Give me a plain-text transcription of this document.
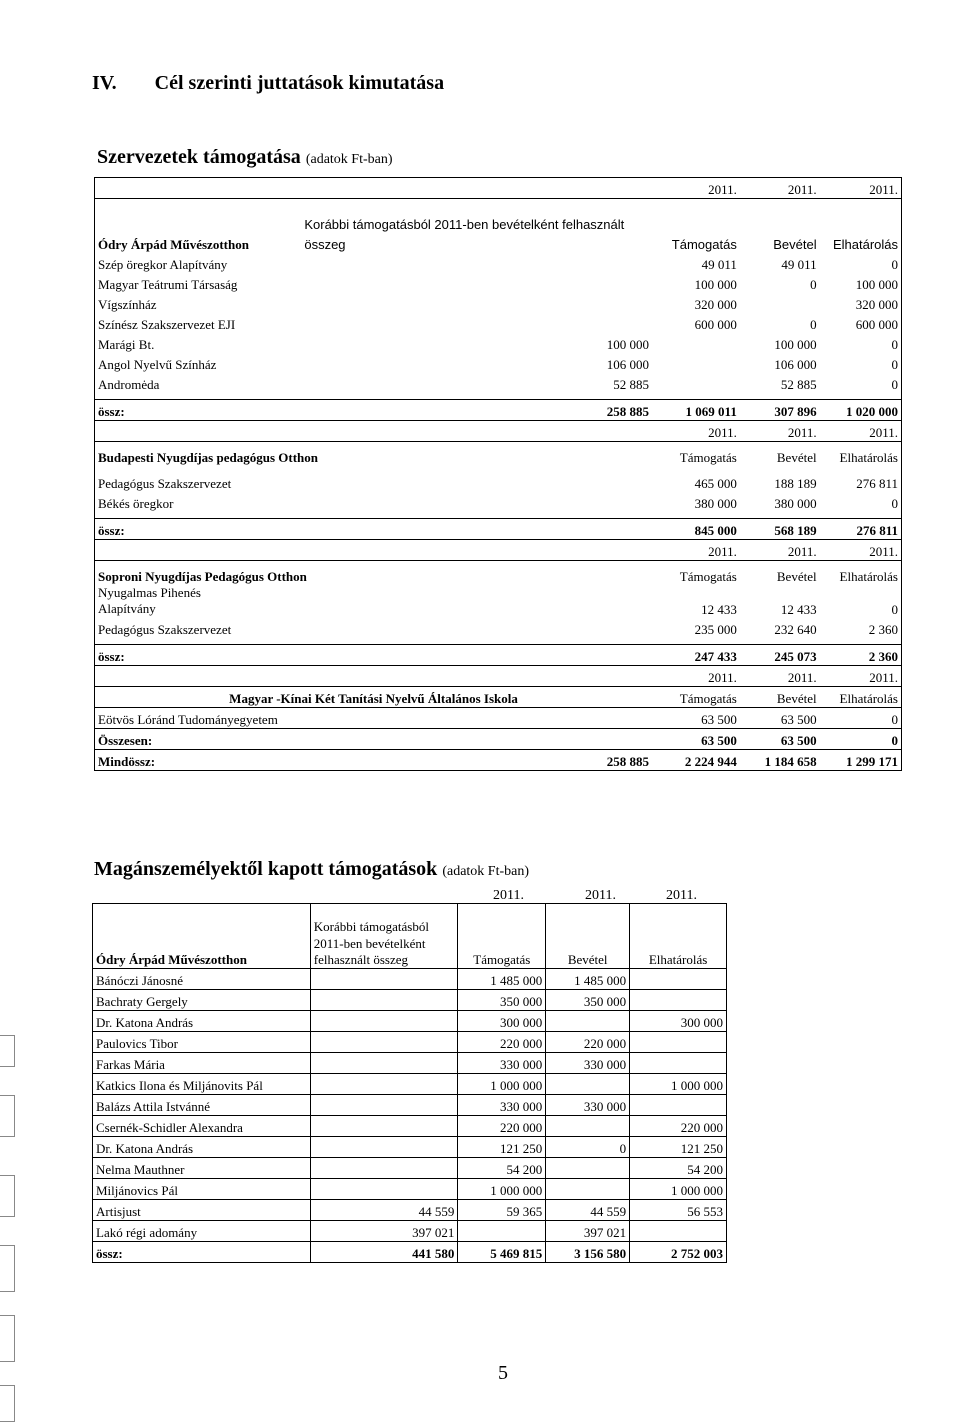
IV. Cél szerinti juttatások kimutatása
Szervezetek támogatása (adatok Ft-ban)
		2011.	2011.	2011.

	Korábbi támogatásból 2011-ben bevételként felhasznált			
Ódry Árpád Művészotthon	összeg	Támogatás	Bevétel	Elhatárolás
Szép öregkor Alapítvány		49 011	49 011	0
Magyar Teátrumi Társaság		100 000	0	100 000
Vígszínház		320 000		320 000
Színész Szakszervezet EJI		600 000	0	600 000
Marági Bt.	100 000		100 000	0
Angol Nyelvű Színház	106 000		106 000	0
Andromėda	52 885		52 885	0

össz:	258 885	1 069 011	307 896	1 020 000
		2011.	2011.	2011.

Budapesti Nyugdíjas pedagógus Otthon		Támogatás	Bevétel	Elhatárolás

Pedagógus Szakszervezet		465 000	188 189	276 811
Békés öregkor		380 000	380 000	0

össz:		845 000	568 189	276 811
		2011.	2011.	2011.

Soproni Nyugdíjas Pedagógus Otthon		Támogatás	Bevétel	Elhatárolás

Nyugalmas Pihenés
Alapítvány		12 433	12 433	0
Pedagógus Szakszervezet		235 000	232 640	2 360

össz:		247 433	245 073	2 360
		2011.	2011.	2011.
Magyar -Kínai Két Tanítási Nyelvű Általános Iskola		Támogatás	Bevétel	Elhatárolás
Eötvös Lóránd Tudományegyetem		63 500	63 500	0
Összesen:		63 500	63 500	0
Mindössz:	258 885	2 224 944	1 184 658	1 299 171
Magánszemélyektől kapott támogatások (adatok Ft-ban)
2011.	2011.	2011.
Ódry Árpád Művészotthon	Korábbi támogatásból 2011-ben bevételként felhasznált összeg	Támogatás	Bevétel	Elhatárolás
Bánóczi Jánosné		1 485 000	1 485 000	
Bachraty Gergely		350 000	350 000	
Dr. Katona András		300 000		300 000
Paulovics Tibor		220 000	220 000	
Farkas Mária		330 000	330 000	
Katkics Ilona és Miljánovits Pál		1 000 000		1 000 000
Balázs Attila Istvánné		330 000	330 000	
Csernék-Schidler Alexandra		220 000		220 000
Dr. Katona András		121 250	0	121 250
Nelma Mauthner		54 200		54 200
Miljánovics Pál		1 000 000		1 000 000
Artisjust	44 559	59 365	44 559	56 553
Lakó régi adomány	397 021		397 021	
össz:	441 580	5 469 815	3 156 580	2 752 003
5
